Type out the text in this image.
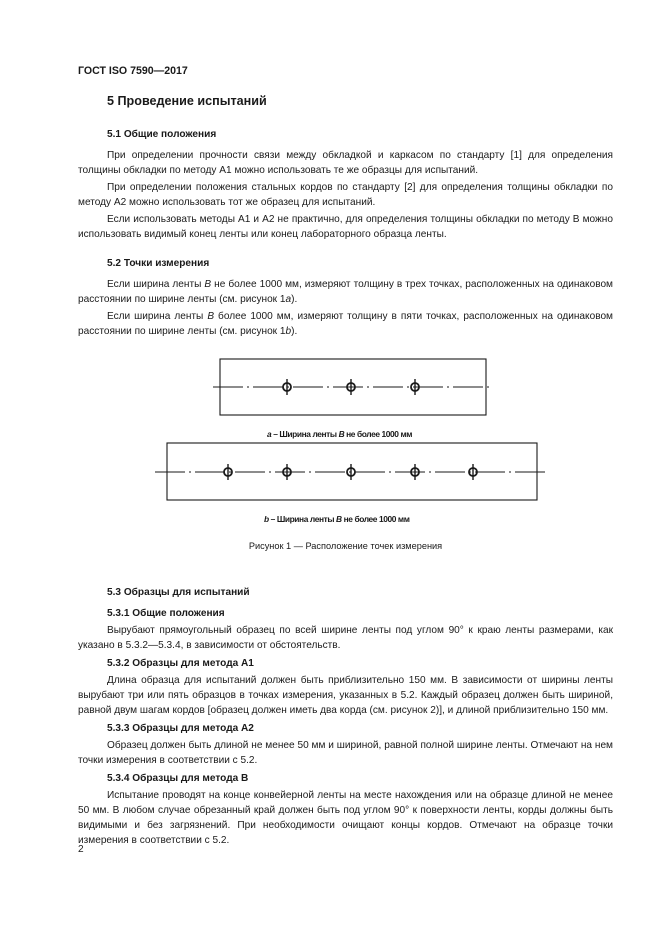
ГОСТ ISO 7590—2017
5 Проведение испытаний
5.1 Общие положения

При определении прочности связи между обкладкой и каркасом по стандарту [1] для определения толщины обкладки по методу А1 можно использовать те же образцы для испытаний.

При определении положения стальных кордов по стандарту [2] для определения толщины обкладки по методу А2 можно использовать тот же образец для испытаний.

Если использовать методы А1 и А2 не практично, для определения толщины обкладки по методу В можно использовать видимый конец ленты или конец лабораторного образца ленты.

5.2 Точки измерения

Если ширина ленты В не более 1000 мм, измеряют толщину в трех точках, расположенных на одинаковом расстоянии по ширине ленты (см. рисунок 1a).

Если ширина ленты В более 1000 мм, измеряют толщину в пяти точках, расположенных на одинаковом расстоянии по ширине ленты (см. рисунок 1b).

a – Ширина ленты В не более 1000 мм
b – Ширина ленты В не более 1000 мм
Рисунок 1 — Расположение точек измерения
5.3 Образцы для испытаний
5.3.1 Общие положения

Вырубают прямоугольный образец по всей ширине ленты под углом 90° к краю ленты размерами, как указано в 5.3.2—5.3.4, в зависимости от обстоятельств.

5.3.2 Образцы для метода А1

Длина образца для испытаний должен быть приблизительно 150 мм. В зависимости от ширины ленты вырубают три или пять образцов в точках измерения, указанных в 5.2. Каждый образец должен быть шириной, равной двум шагам кордов [образец должен иметь два корда (см. рисунок 2)], и длиной приблизительно 150 мм.

5.3.3 Образцы для метода А2

Образец должен быть длиной не менее 50 мм и шириной, равной полной ширине ленты. Отмечают на нем точки измерения в соответствии с 5.2.

5.3.4 Образцы для метода В

Испытание проводят на конце конвейерной ленты на месте нахождения или на образце длиной не менее 50 мм. В любом случае обрезанный край должен быть под углом 90° к поверхности ленты, корды должны быть видимыми и без загрязнений. При необходимости очищают концы кордов. Отмечают на образце точки измерения в соответствии с 5.2.

2
